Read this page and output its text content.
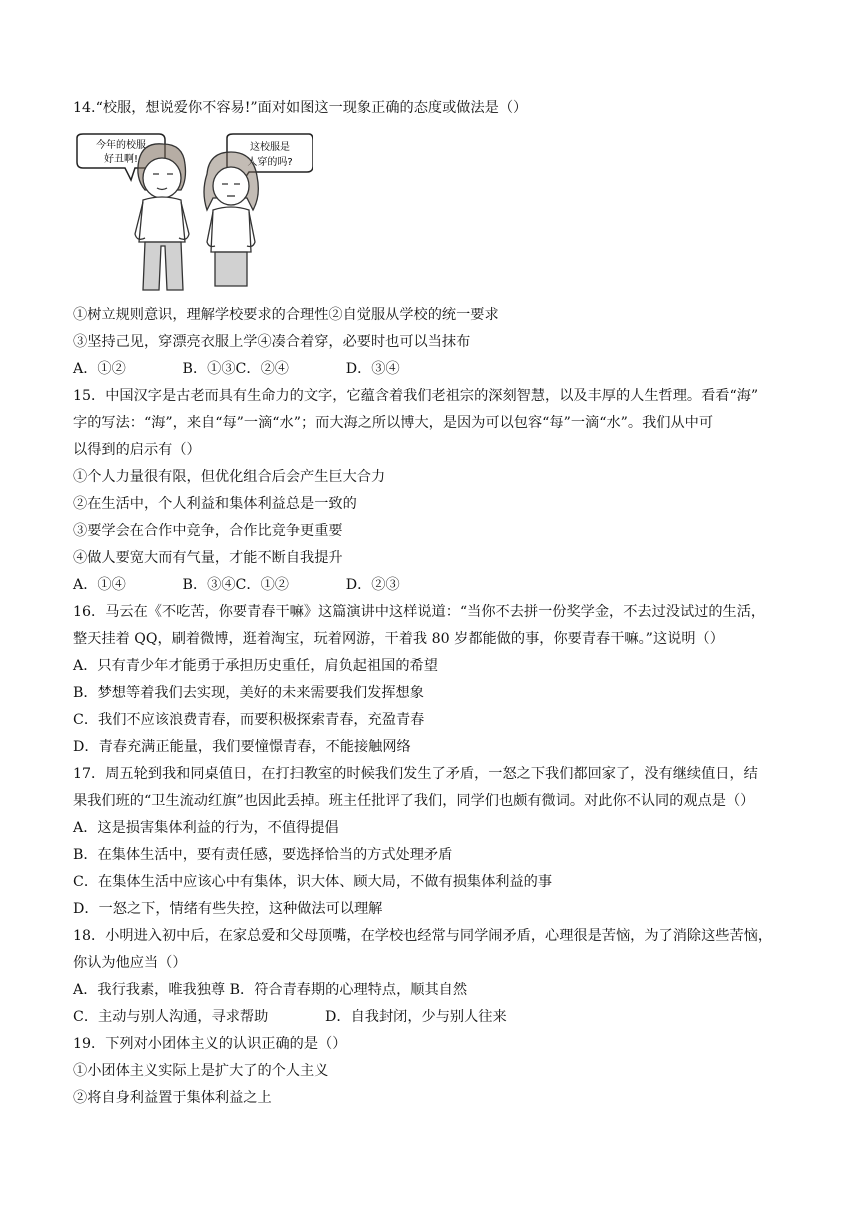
14.“校服，想说爱你不容易!”面对如图这一现象正确的态度或做法是（）
今年的校服
好丑啊!
这校服是
人穿的吗?
①树立规则意识，理解学校要求的合理性②自觉服从学校的统一要求
③坚持己见，穿漂亮衣服上学④凑合着穿，必要时也可以当抹布
A．①②　　　　B．①③C．②④　　　　D．③④
15．中国汉字是古老而具有生命力的文字，它蕴含着我们老祖宗的深刻智慧，以及丰厚的人生哲理。看看“海”
字的写法：“海”，来自“每”一滴“水”；而大海之所以博大，是因为可以包容“每”一滴“水”。我们从中可
以得到的启示有（）
①个人力量很有限，但优化组合后会产生巨大合力
②在生活中，个人利益和集体利益总是一致的
③要学会在合作中竞争，合作比竞争更重要
④做人要宽大而有气量，才能不断自我提升
A．①④　　　　B．③④C．①②　　　　D．②③
16．马云在《不吃苦，你要青春干嘛》这篇演讲中这样说道：“当你不去拼一份奖学金，不去过没试过的生活，
整天挂着 QQ，刷着微博，逛着淘宝，玩着网游，干着我 80 岁都能做的事，你要青春干嘛。”这说明（）
A．只有青少年才能勇于承担历史重任，肩负起祖国的希望
B．梦想等着我们去实现，美好的未来需要我们发挥想象
C．我们不应该浪费青春，而要积极探索青春，充盈青春
D．青春充满正能量，我们要憧憬青春，不能接触网络
17．周五轮到我和同桌值日，在打扫教室的时候我们发生了矛盾，一怒之下我们都回家了，没有继续值日，结
果我们班的“卫生流动红旗”也因此丢掉。班主任批评了我们，同学们也颇有微词。对此你不认同的观点是（）
A．这是损害集体利益的行为，不值得提倡
B．在集体生活中，要有责任感，要选择恰当的方式处理矛盾
C．在集体生活中应该心中有集体，识大体、顾大局，不做有损集体利益的事
D．一怒之下，情绪有些失控，这种做法可以理解
18．小明进入初中后，在家总爱和父母顶嘴，在学校也经常与同学闹矛盾，心理很是苦恼，为了消除这些苦恼，
你认为他应当（）
A．我行我素，唯我独尊 B．符合青春期的心理特点，顺其自然
C．主动与别人沟通，寻求帮助　　　　D．自我封闭，少与别人往来
19．下列对小团体主义的认识正确的是（）
①小团体主义实际上是扩大了的个人主义
②将自身利益置于集体利益之上
